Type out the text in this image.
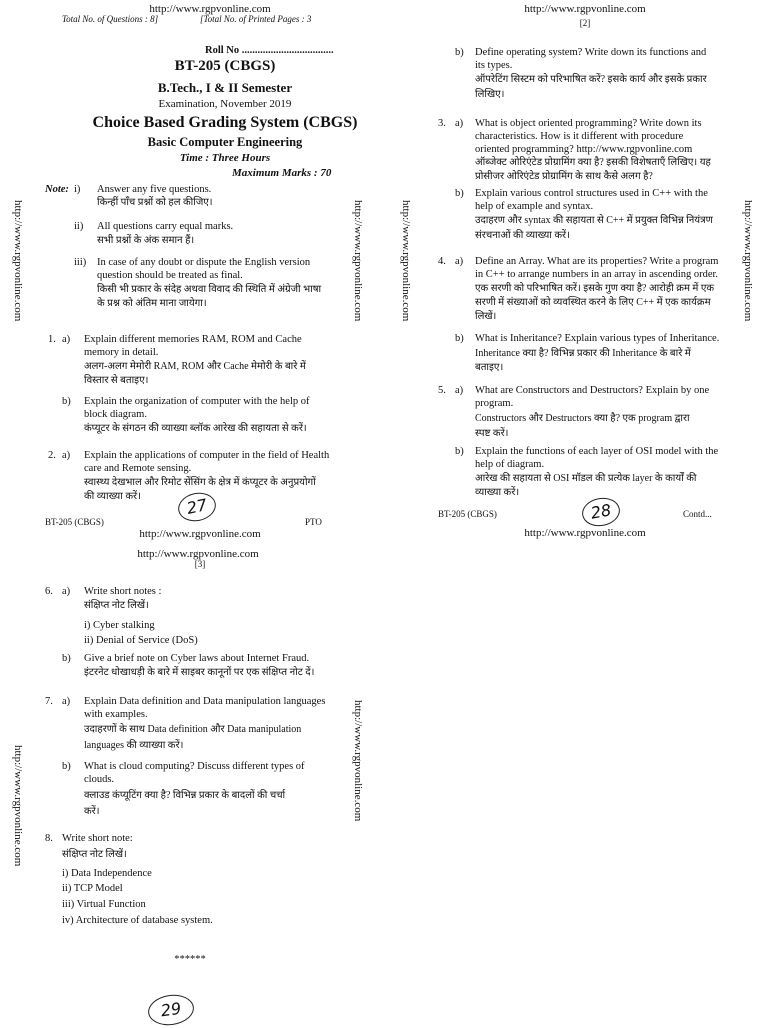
http://www.rgpvonline.com
Total No. of Questions : 8]	[Total No. of Printed Pages : 3
Roll No ...................................
BT-205 (CBGS)
B.Tech., I & II Semester
Examination, November 2019
Choice Based Grading System (CBGS)
Basic Computer Engineering
Time : Three Hours
Maximum Marks : 70
Note: i) Answer any five questions.
किन्हीं पाँच प्रश्नों को हल कीजिए।
ii) All questions carry equal marks.
सभी प्रश्नों के अंक समान हैं।
iii) In case of any doubt or dispute the English version
question should be treated as final.
किसी भी प्रकार के संदेह अथवा विवाद की स्थिति में अंग्रेजी भाषा
के प्रश्न को अंतिम माना जायेगा।
1. a) Explain different memories RAM, ROM and Cache
memory in detail.
अलग-अलग मेमोरी RAM, ROM और Cache मेमोरी के बारे में
विस्तार से बताइए।
b) Explain the organization of computer with the help of
block diagram.
कंप्यूटर के संगठन की व्याख्या ब्लॉक आरेख की सहायता से करें।
2. a) Explain the applications of computer in the field of Health
care and Remote sensing.
स्वास्थ्य देखभाल और रिमोट सेंसिंग के क्षेत्र में कंप्यूटर के अनुप्रयोगों
की व्याख्या करें।	27
BT-205 (CBGS)	PTO
http://www.rgpvonline.com
http://www.rgpvonline.com
[2]
b) Define operating system? Write down its functions and
its types.
ऑपरेटिंग सिस्टम को परिभाषित करें? इसके कार्य और इसके प्रकार
लिखिए।
3. a) What is object oriented programming? Write down its
characteristics. How is it different with procedure
oriented programming? http://www.rgpvonline.com
ऑब्जेक्ट ओरिएंटेड प्रोग्रामिंग क्या है? इसकी विशेषताएँ लिखिए। यह
प्रोसीजर ओरिएंटेड प्रोग्रामिंग के साथ कैसे अलग है?
b) Explain various control structures used in C++ with the
help of example and syntax.
उदाहरण और syntax की सहायता से C++ में प्रयुक्त विभिन्न नियंत्रण
संरचनाओं की व्याख्या करें।
4. a) Define an Array. What are its properties? Write a program
in C++ to arrange numbers in an array in ascending order.
एक सरणी को परिभाषित करें। इसके गुण क्या है? आरोही क्रम में एक
सरणी में संख्याओं को व्यवस्थित करने के लिए C++ में एक कार्यक्रम
लिखें।
b) What is Inheritance? Explain various types of Inheritance.
Inheritance क्या है? विभिन्न प्रकार की Inheritance के बारे में
बताइए।
5. a) What are Constructors and Destructors? Explain by one
program.
Constructors और Destructors क्या है? एक program द्वारा
स्पष्ट करें।
b) Explain the functions of each layer of OSI model with the
help of diagram.
आरेख की सहायता से OSI मॉडल की प्रत्येक layer के कार्यों की
व्याख्या करें।
28
BT-205 (CBGS)	Contd...
http://www.rgpvonline.com
http://www.rgpvonline.com
[3]
6. a) Write short notes :
संक्षिप्त नोट लिखें।
i) Cyber stalking
ii) Denial of Service (DoS)
b) Give a brief note on Cyber laws about Internet Fraud.
इंटरनेट धोखाधड़ी के बारे में साइबर कानूनों पर एक संक्षिप्त नोट दें।
7. a) Explain Data definition and Data manipulation languages
with examples.
उदाहरणों के साथ Data definition और Data manipulation
languages की व्याख्या करें।
b) What is cloud computing? Discuss different types of
clouds.
क्लाउड कंप्यूटिंग क्या है? विभिन्न प्रकार के बादलों की चर्चा
करें।
8. Write short note:
संक्षिप्त नोट लिखें।
i) Data Independence
ii) TCP Model
iii) Virtual Function
iv) Architecture of database system.
******
29
http://www.rgpvonline.com	http://www.rgpvonline.com	http://www.rgpvonline.com	http://www.rgpvonline.com
http://www.rgpvonline.com	http://www.rgpvonline.com
